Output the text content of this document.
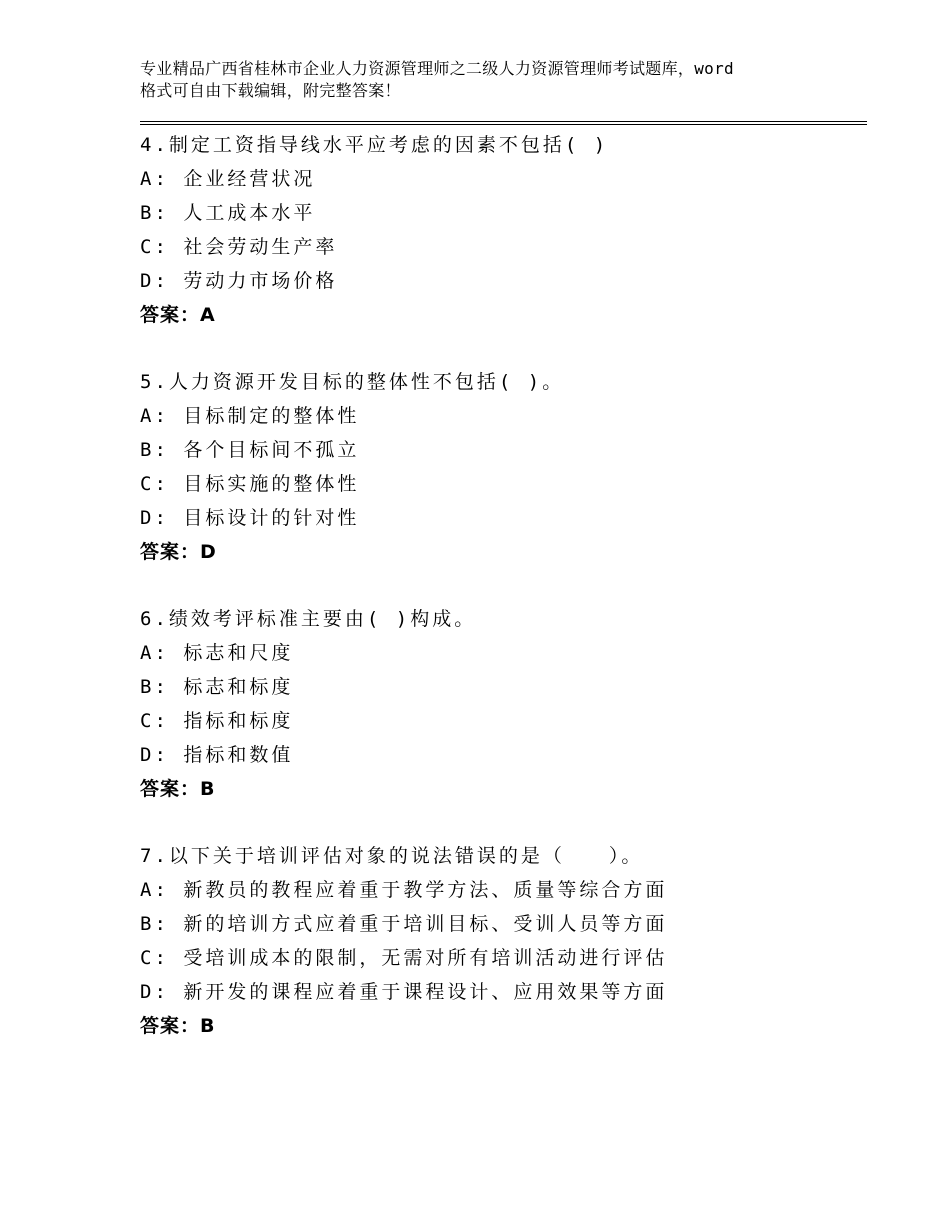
专业精品广西省桂林市企业人力资源管理师之二级人力资源管理师考试题库，word
格式可自由下载编辑，附完整答案！
4.制定工资指导线水平应考虑的因素不包括( )
A: 企业经营状况
B: 人工成本水平
C: 社会劳动生产率
D: 劳动力市场价格
答案：A
5.人力资源开发目标的整体性不包括( )。
A: 目标制定的整体性
B: 各个目标间不孤立
C: 目标实施的整体性
D: 目标设计的针对性
答案：D
6.绩效考评标准主要由( )构成。
A: 标志和尺度
B: 标志和标度
C: 指标和标度
D: 指标和数值
答案：B
7.以下关于培训评估对象的说法错误的是（　　）。
A: 新教员的教程应着重于教学方法、质量等综合方面
B: 新的培训方式应着重于培训目标、受训人员等方面
C: 受培训成本的限制，无需对所有培训活动进行评估
D: 新开发的课程应着重于课程设计、应用效果等方面
答案：B
